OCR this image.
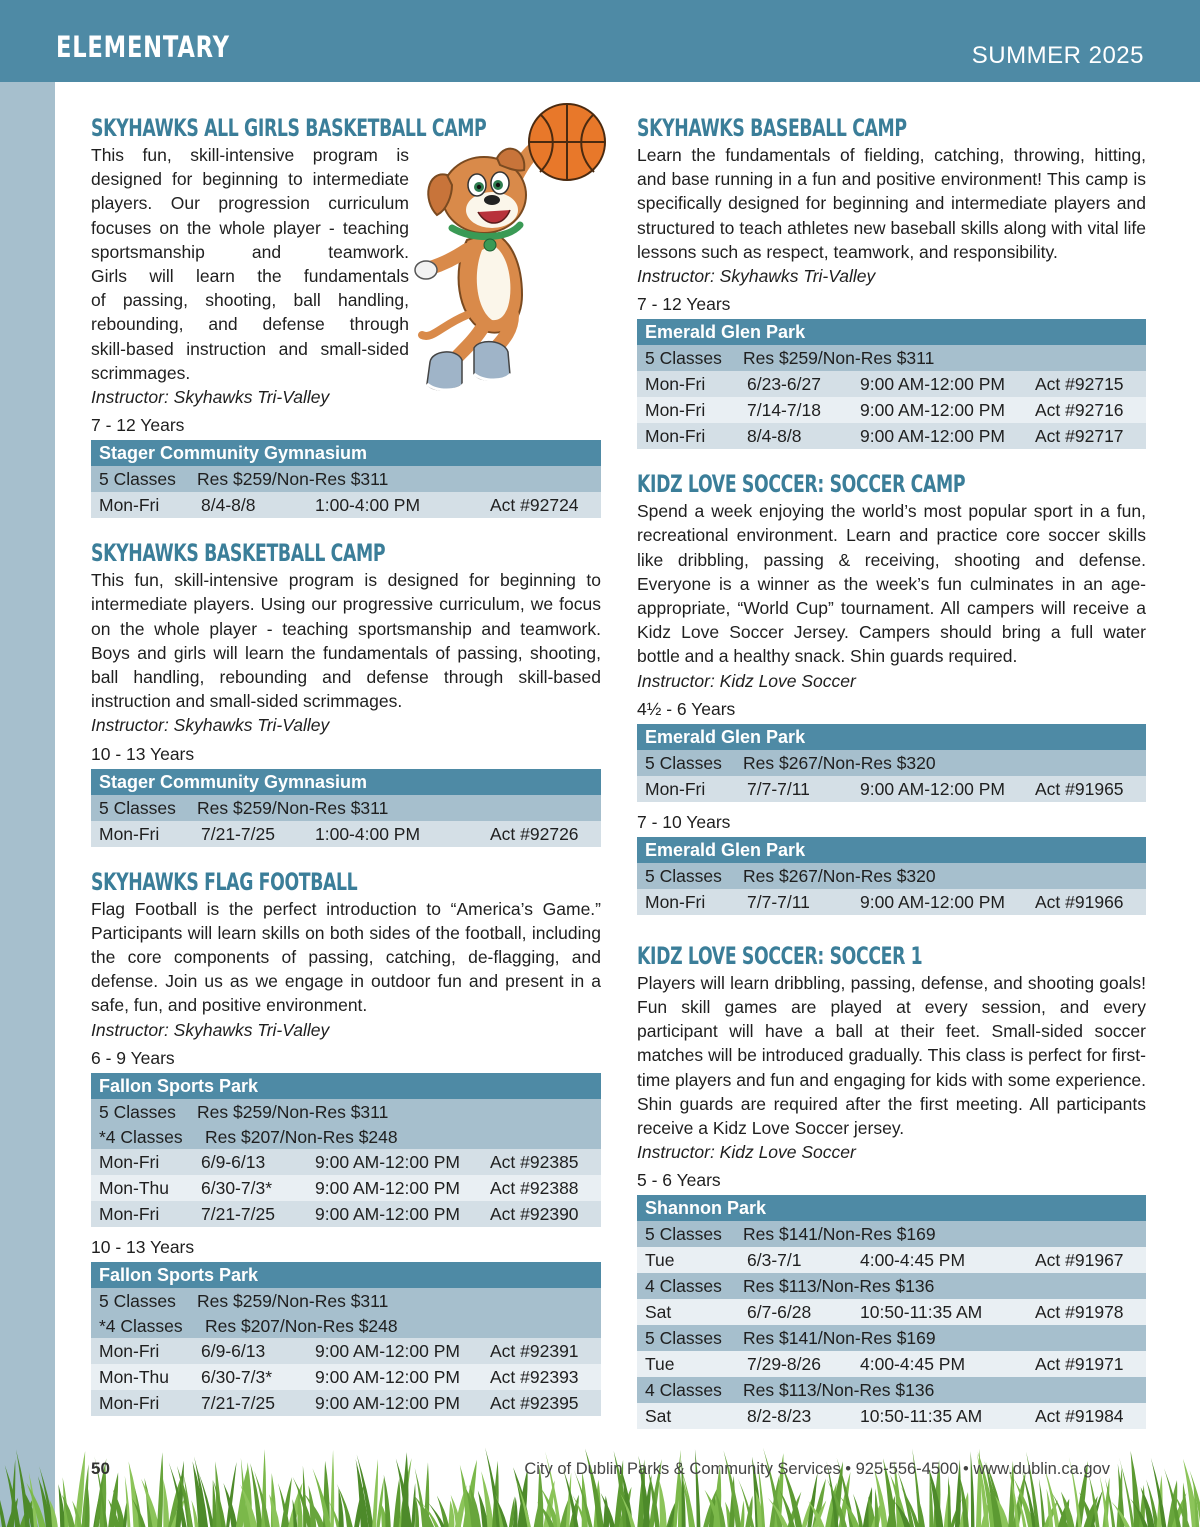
ELEMENTARY	SUMMER 2025
SKYHAWKS ALL GIRLS BASKETBALL CAMP
This fun, skill-intensive program is
designed for beginning to intermediate
players. Our progression curriculum
focuses on the whole player - teaching
sportsmanship and teamwork.
Girls will learn the fundamentals
of passing, shooting, ball handling,
rebounding, and defense through
skill-based instruction and small-sided
scrimmages.
Instructor: Skyhawks Tri-Valley
7 - 12 Years
Stager Community Gymnasium
5 Classes Res $259/Non-Res $311
Mon-Fri 8/4-8/8	1:00-4:00 PM	Act #92724
SKYHAWKS BASKETBALL CAMP
This fun, skill-intensive program is designed for beginning to intermediate players. Using our progressive curriculum, we focus on the whole player - teaching sportsmanship and teamwork. Boys and girls will learn the fundamentals of passing, shooting, ball handling, rebounding and defense through skill-based instruction and small-sided scrimmages.
Instructor: Skyhawks Tri-Valley
10 - 13 Years
Stager Community Gymnasium
5 Classes Res $259/Non-Res $311
Mon-Fri 7/21-7/25 1:00-4:00 PM	Act #92726
SKYHAWKS FLAG FOOTBALL
Flag Football is the perfect introduction to “America’s Game.” Participants will learn skills on both sides of the football, including the core components of passing, catching, de-flagging, and defense. Join us as we engage in outdoor fun and present in a safe, fun, and positive environment.
Instructor: Skyhawks Tri-Valley
6 - 9 Years
Fallon Sports Park
5 Classes Res $259/Non-Res $311
*4 Classes Res $207/Non-Res $248
Mon-Fri 6/9-6/13	9:00 AM-12:00 PM Act #92385
Mon-Thu 6/30-7/3* 9:00 AM-12:00 PM Act #92388
Mon-Fri 7/21-7/25 9:00 AM-12:00 PM Act #92390
10 - 13 Years
Fallon Sports Park
5 Classes Res $259/Non-Res $311
*4 Classes Res $207/Non-Res $248
Mon-Fri 6/9-6/13	9:00 AM-12:00 PM Act #92391
Mon-Thu 6/30-7/3* 9:00 AM-12:00 PM Act #92393
Mon-Fri 7/21-7/25 9:00 AM-12:00 PM Act #92395
SKYHAWKS BASEBALL CAMP
Learn the fundamentals of fielding, catching, throwing, hitting, and base running in a fun and positive environment! This camp is specifically designed for beginning and intermediate players and structured to teach athletes new baseball skills along with vital life lessons such as respect, teamwork, and responsibility.
Instructor: Skyhawks Tri-Valley
7 - 12 Years
Emerald Glen Park
5 Classes Res $259/Non-Res $311
Mon-Fri 6/23-6/27 9:00 AM-12:00 PM Act #92715
Mon-Fri 7/14-7/18 9:00 AM-12:00 PM Act #92716
Mon-Fri 8/4-8/8	9:00 AM-12:00 PM Act #92717
KIDZ LOVE SOCCER: SOCCER CAMP
Spend a week enjoying the world’s most popular sport in a fun, recreational environment. Learn and practice core soccer skills like dribbling, passing & receiving, shooting and defense. Everyone is a winner as the week’s fun culminates in an age-appropriate, “World Cup” tournament. All campers will receive a Kidz Love Soccer Jersey. Campers should bring a full water bottle and a healthy snack. Shin guards required.
Instructor: Kidz Love Soccer
4½ - 6 Years
Emerald Glen Park
5 Classes Res $267/Non-Res $320
Mon-Fri 7/7-7/11	9:00 AM-12:00 PM Act #91965
7 - 10 Years
Emerald Glen Park
5 Classes Res $267/Non-Res $320
Mon-Fri 7/7-7/11	9:00 AM-12:00 PM Act #91966
KIDZ LOVE SOCCER: SOCCER 1
Players will learn dribbling, passing, defense, and shooting goals! Fun skill games are played at every session, and every participant will have a ball at their feet. Small-sided soccer matches will be introduced gradually. This class is perfect for first-time players and fun and engaging for kids with some experience. Shin guards are required after the first meeting. All participants receive a Kidz Love Soccer jersey.
Instructor: Kidz Love Soccer
5 - 6 Years
Shannon Park
5 Classes Res $141/Non-Res $169
Tue	6/3-7/1	4:00-4:45 PM	Act #91967
4 Classes Res $113/Non-Res $136
Sat	6/7-6/28	10:50-11:35 AM	Act #91978
5 Classes Res $141/Non-Res $169
Tue	7/29-8/26 4:00-4:45 PM	Act #91971
4 Classes Res $113/Non-Res $136
Sat	8/2-8/23	10:50-11:35 AM	Act #91984
50	City of Dublin Parks & Community Services • 925-556-4500 • www.dublin.ca.gov
